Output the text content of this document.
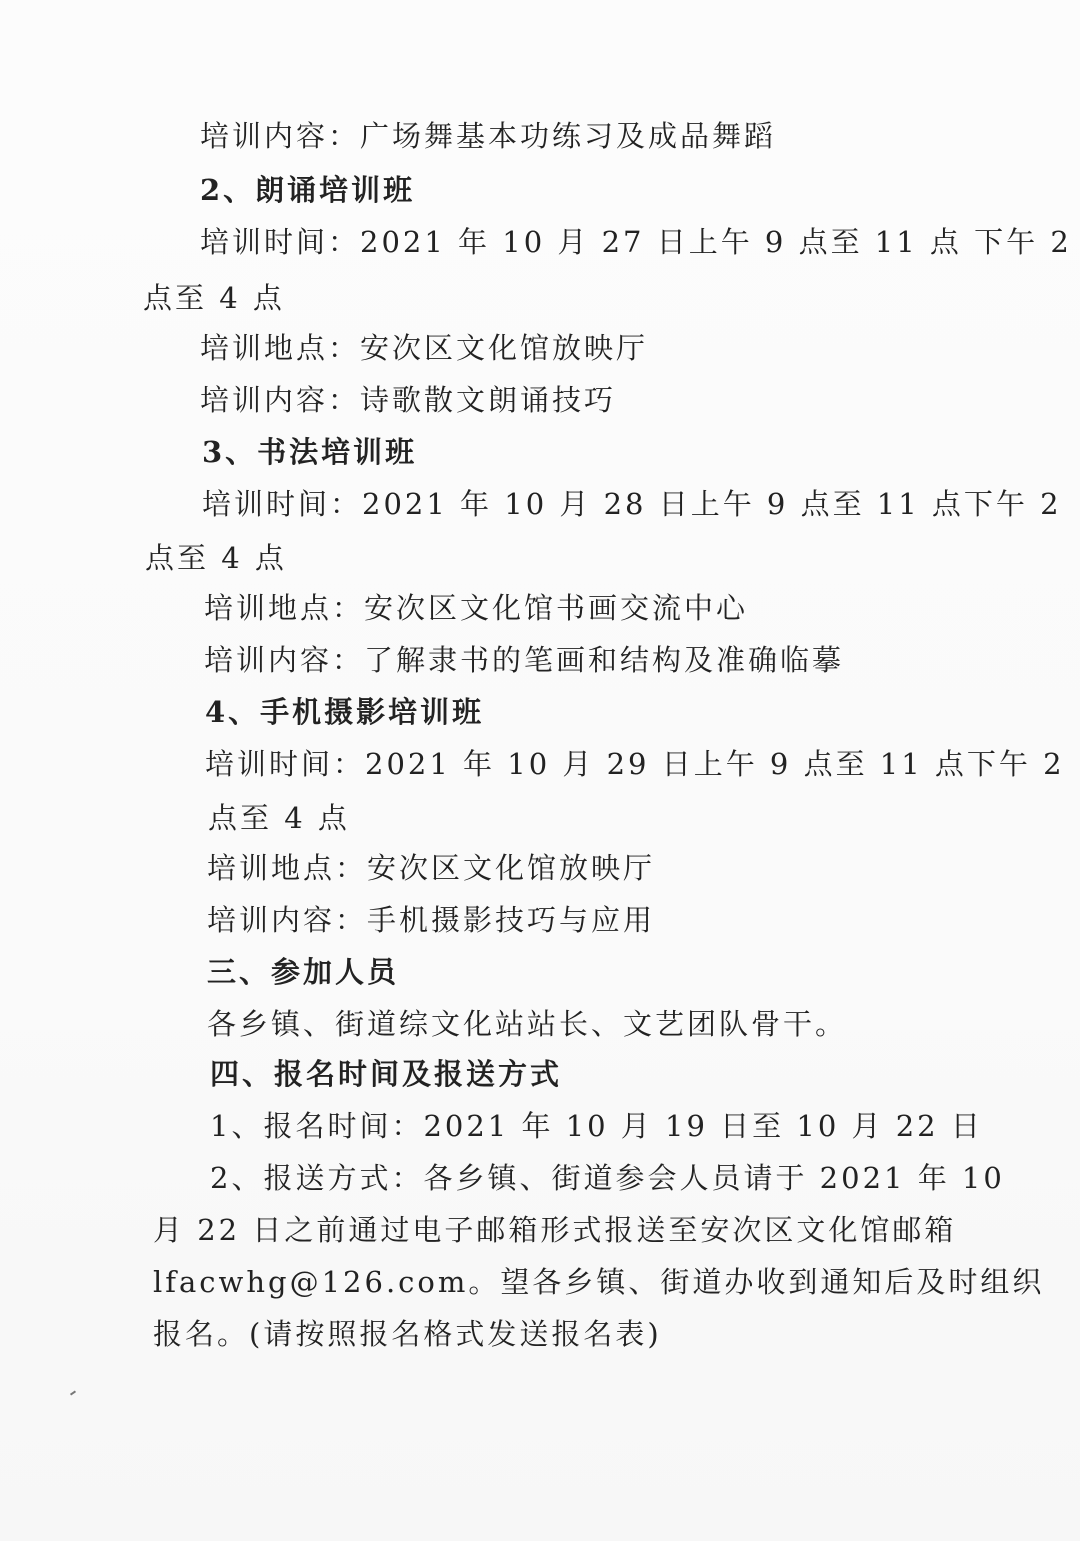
培训内容：广场舞基本功练习及成品舞蹈
2、朗诵培训班
培训时间：2021 年 10 月 27 日上午 9 点至 11 点 下午 2
点至 4 点
培训地点：安次区文化馆放映厅
培训内容：诗歌散文朗诵技巧
3、书法培训班
培训时间：2021 年 10 月 28 日上午 9 点至 11 点下午 2
点至 4 点
培训地点：安次区文化馆书画交流中心
培训内容：了解隶书的笔画和结构及准确临摹
4、手机摄影培训班
培训时间：2021 年 10 月 29 日上午 9 点至 11 点下午 2
点至 4 点
培训地点：安次区文化馆放映厅
培训内容：手机摄影技巧与应用
三、参加人员
各乡镇、街道综文化站站长、文艺团队骨干。
四、报名时间及报送方式
1、报名时间：2021 年 10 月 19 日至 10 月 22 日
2、报送方式：各乡镇、街道参会人员请于 2021 年 10
月 22 日之前通过电子邮箱形式报送至安次区文化馆邮箱
lfacwhg@126.com。望各乡镇、街道办收到通知后及时组织
报名。(请按照报名格式发送报名表)
